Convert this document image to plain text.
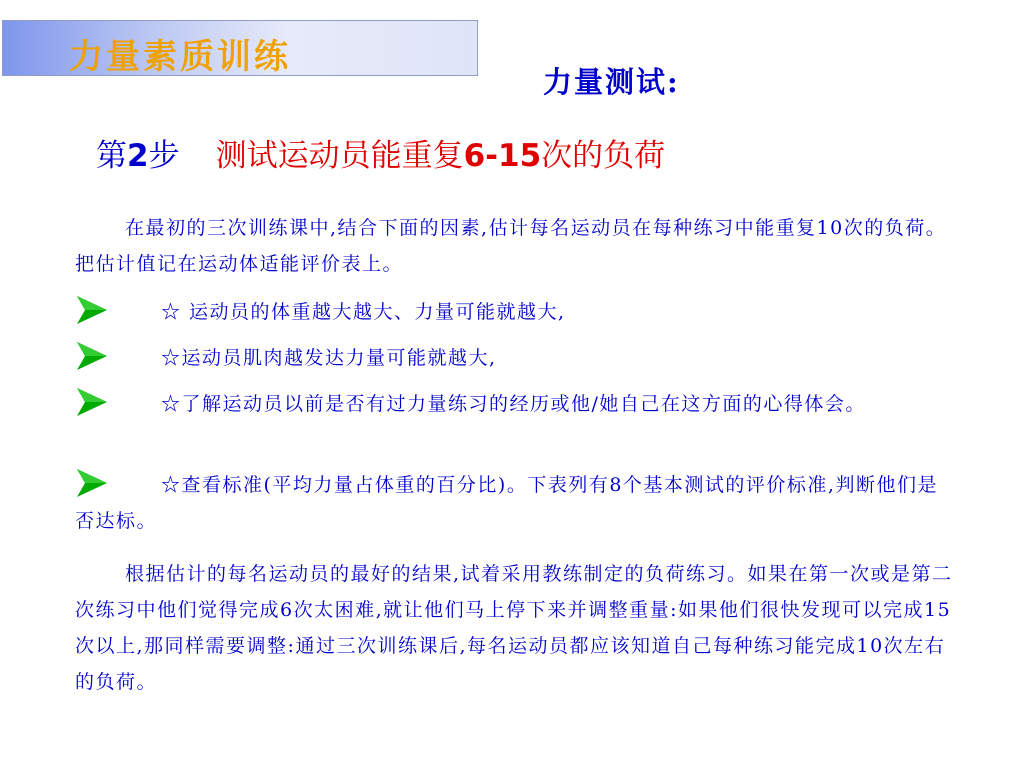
力量素质训练
力量测试:
第2步 测试运动员能重复6-15次的负荷
在最初的三次训练课中,结合下面的因素,估计每名运动员在每种练习中能重复10次的负荷。把估计值记在运动体适能评价表上。
☆ 运动员的体重越大越大、力量可能就越大,
☆运动员肌肉越发达力量可能就越大,
☆了解运动员以前是否有过力量练习的经历或他/她自己在这方面的心得体会。
☆查看标准(平均力量占体重的百分比)。下表列有8个基本测试的评价标准,判断他们是否达标。
根据估计的每名运动员的最好的结果,试着采用教练制定的负荷练习。如果在第一次或是第二次练习中他们觉得完成6次太困难,就让他们马上停下来并调整重量:如果他们很快发现可以完成15次以上,那同样需要调整:通过三次训练课后,每名运动员都应该知道自己每种练习能完成10次左右的负荷。
